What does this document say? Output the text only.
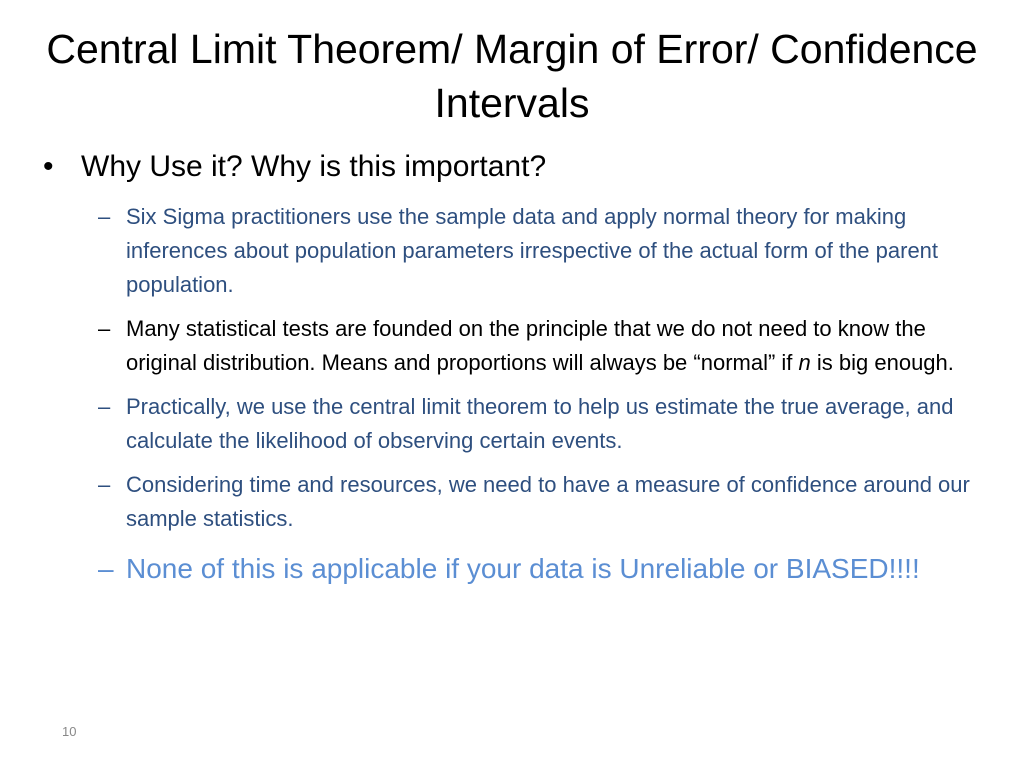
Central Limit Theorem/ Margin of Error/ Confidence Intervals
• Why Use it? Why is this important?
– Six Sigma practitioners use the sample data and apply normal theory for making inferences about population parameters irrespective of the actual form of the parent population.
– Many statistical tests are founded on the principle that we do not need to know the original distribution. Means and proportions will always be “normal” if n is big enough.
– Practically, we use the central limit theorem to help us estimate the true average, and calculate the likelihood of observing certain events.
– Considering time and resources, we need to have a measure of confidence around our sample statistics.
– None of this is applicable if your data is Unreliable or BIASED!!!!
10
